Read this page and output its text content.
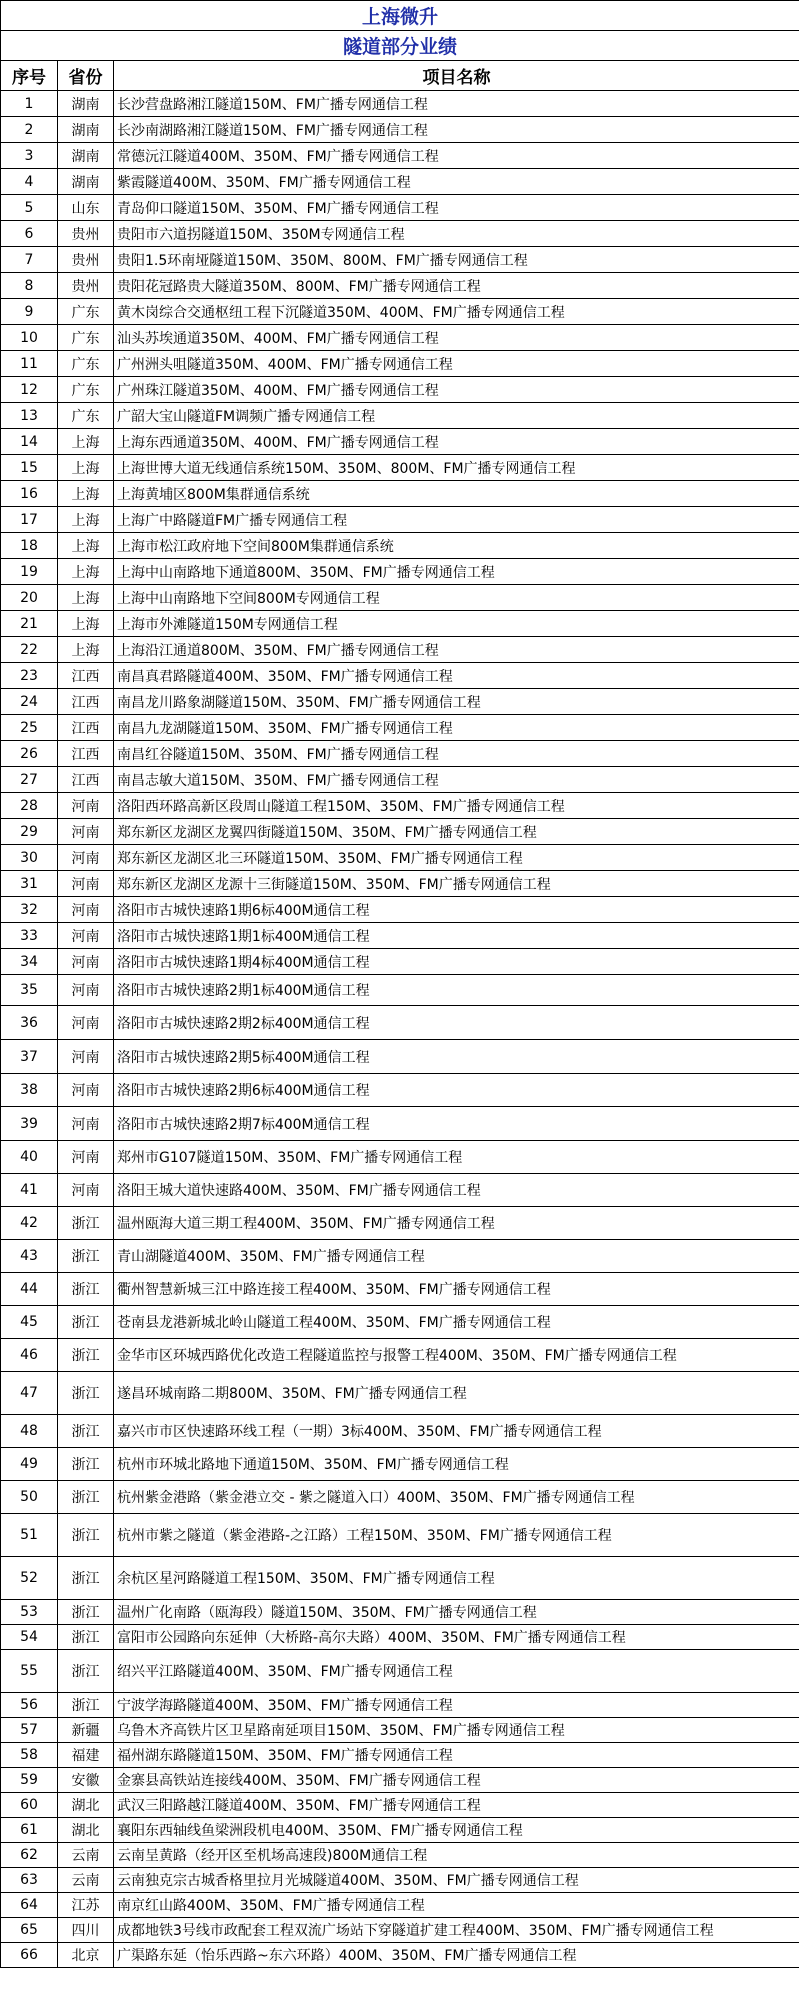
上海微升		
隧道部分业绩		
序号	省份	项目名称
1	湖南	长沙营盘路湘江隧道150M、FM广播专网通信工程
2	湖南	长沙南湖路湘江隧道150M、FM广播专网通信工程
3	湖南	常德沅江隧道400M、350M、FM广播专网通信工程
4	湖南	紫霞隧道400M、350M、FM广播专网通信工程
5	山东	青岛仰口隧道150M、350M、FM广播专网通信工程
6	贵州	贵阳市六道拐隧道150M、350M专网通信工程
7	贵州	贵阳1.5环南垭隧道150M、350M、800M、FM广播专网通信工程
8	贵州	贵阳花冠路贵大隧道350M、800M、FM广播专网通信工程
9	广东	黄木岗综合交通枢纽工程下沉隧道350M、400M、FM广播专网通信工程
10	广东	汕头苏埃通道350M、400M、FM广播专网通信工程
11	广东	广州洲头咀隧道350M、400M、FM广播专网通信工程
12	广东	广州珠江隧道350M、400M、FM广播专网通信工程
13	广东	广韶大宝山隧道FM调频广播专网通信工程
14	上海	上海东西通道350M、400M、FM广播专网通信工程
15	上海	上海世博大道无线通信系统150M、350M、800M、FM广播专网通信工程
16	上海	上海黄埔区800M集群通信系统
17	上海	上海广中路隧道FM广播专网通信工程
18	上海	上海市松江政府地下空间800M集群通信系统
19	上海	上海中山南路地下通道800M、350M、FM广播专网通信工程
20	上海	上海中山南路地下空间800M专网通信工程
21	上海	上海市外滩隧道150M专网通信工程
22	上海	上海沿江通道800M、350M、FM广播专网通信工程
23	江西	南昌真君路隧道400M、350M、FM广播专网通信工程
24	江西	南昌龙川路象湖隧道150M、350M、FM广播专网通信工程
25	江西	南昌九龙湖隧道150M、350M、FM广播专网通信工程
26	江西	南昌红谷隧道150M、350M、FM广播专网通信工程
27	江西	南昌志敏大道150M、350M、FM广播专网通信工程
28	河南	洛阳西环路高新区段周山隧道工程150M、350M、FM广播专网通信工程
29	河南	郑东新区龙湖区龙翼四街隧道150M、350M、FM广播专网通信工程
30	河南	郑东新区龙湖区北三环隧道150M、350M、FM广播专网通信工程
31	河南	郑东新区龙湖区龙源十三街隧道150M、350M、FM广播专网通信工程
32	河南	洛阳市古城快速路1期6标400M通信工程
33	河南	洛阳市古城快速路1期1标400M通信工程
34	河南	洛阳市古城快速路1期4标400M通信工程
35	河南	洛阳市古城快速路2期1标400M通信工程
36	河南	洛阳市古城快速路2期2标400M通信工程
37	河南	洛阳市古城快速路2期5标400M通信工程
38	河南	洛阳市古城快速路2期6标400M通信工程
39	河南	洛阳市古城快速路2期7标400M通信工程
40	河南	郑州市G107隧道150M、350M、FM广播专网通信工程
41	河南	洛阳王城大道快速路400M、350M、FM广播专网通信工程
42	浙江	温州瓯海大道三期工程400M、350M、FM广播专网通信工程
43	浙江	青山湖隧道400M、350M、FM广播专网通信工程
44	浙江	衢州智慧新城三江中路连接工程400M、350M、FM广播专网通信工程
45	浙江	苍南县龙港新城北岭山隧道工程400M、350M、FM广播专网通信工程
46	浙江	金华市区环城西路优化改造工程隧道监控与报警工程400M、350M、FM广播专网通信工程
47	浙江	遂昌环城南路二期800M、350M、FM广播专网通信工程
48	浙江	嘉兴市市区快速路环线工程（一期）3标400M、350M、FM广播专网通信工程
49	浙江	杭州市环城北路地下通道150M、350M、FM广播专网通信工程
50	浙江	杭州紫金港路（紫金港立交 - 紫之隧道入口）400M、350M、FM广播专网通信工程
51	浙江	杭州市紫之隧道（紫金港路-之江路）工程150M、350M、FM广播专网通信工程
52	浙江	余杭区星河路隧道工程150M、350M、FM广播专网通信工程
53	浙江	温州广化南路（瓯海段）隧道150M、350M、FM广播专网通信工程
54	浙江	富阳市公园路向东延伸（大桥路-高尔夫路）400M、350M、FM广播专网通信工程
55	浙江	绍兴平江路隧道400M、350M、FM广播专网通信工程
56	浙江	宁波学海路隧道400M、350M、FM广播专网通信工程
57	新疆	乌鲁木齐高铁片区卫星路南延项目150M、350M、FM广播专网通信工程
58	福建	福州湖东路隧道150M、350M、FM广播专网通信工程
59	安徽	金寨县高铁站连接线400M、350M、FM广播专网通信工程
60	湖北	武汉三阳路越江隧道400M、350M、FM广播专网通信工程
61	湖北	襄阳东西轴线鱼梁洲段机电400M、350M、FM广播专网通信工程
62	云南	云南呈黄路（经开区至机场高速段)800M通信工程
63	云南	云南独克宗古城香格里拉月光城隧道400M、350M、FM广播专网通信工程
64	江苏	南京红山路400M、350M、FM广播专网通信工程
65	四川	成都地铁3号线市政配套工程双流广场站下穿隧道扩建工程400M、350M、FM广播专网通信工程
66	北京	广渠路东延（怡乐西路~东六环路）400M、350M、FM广播专网通信工程
